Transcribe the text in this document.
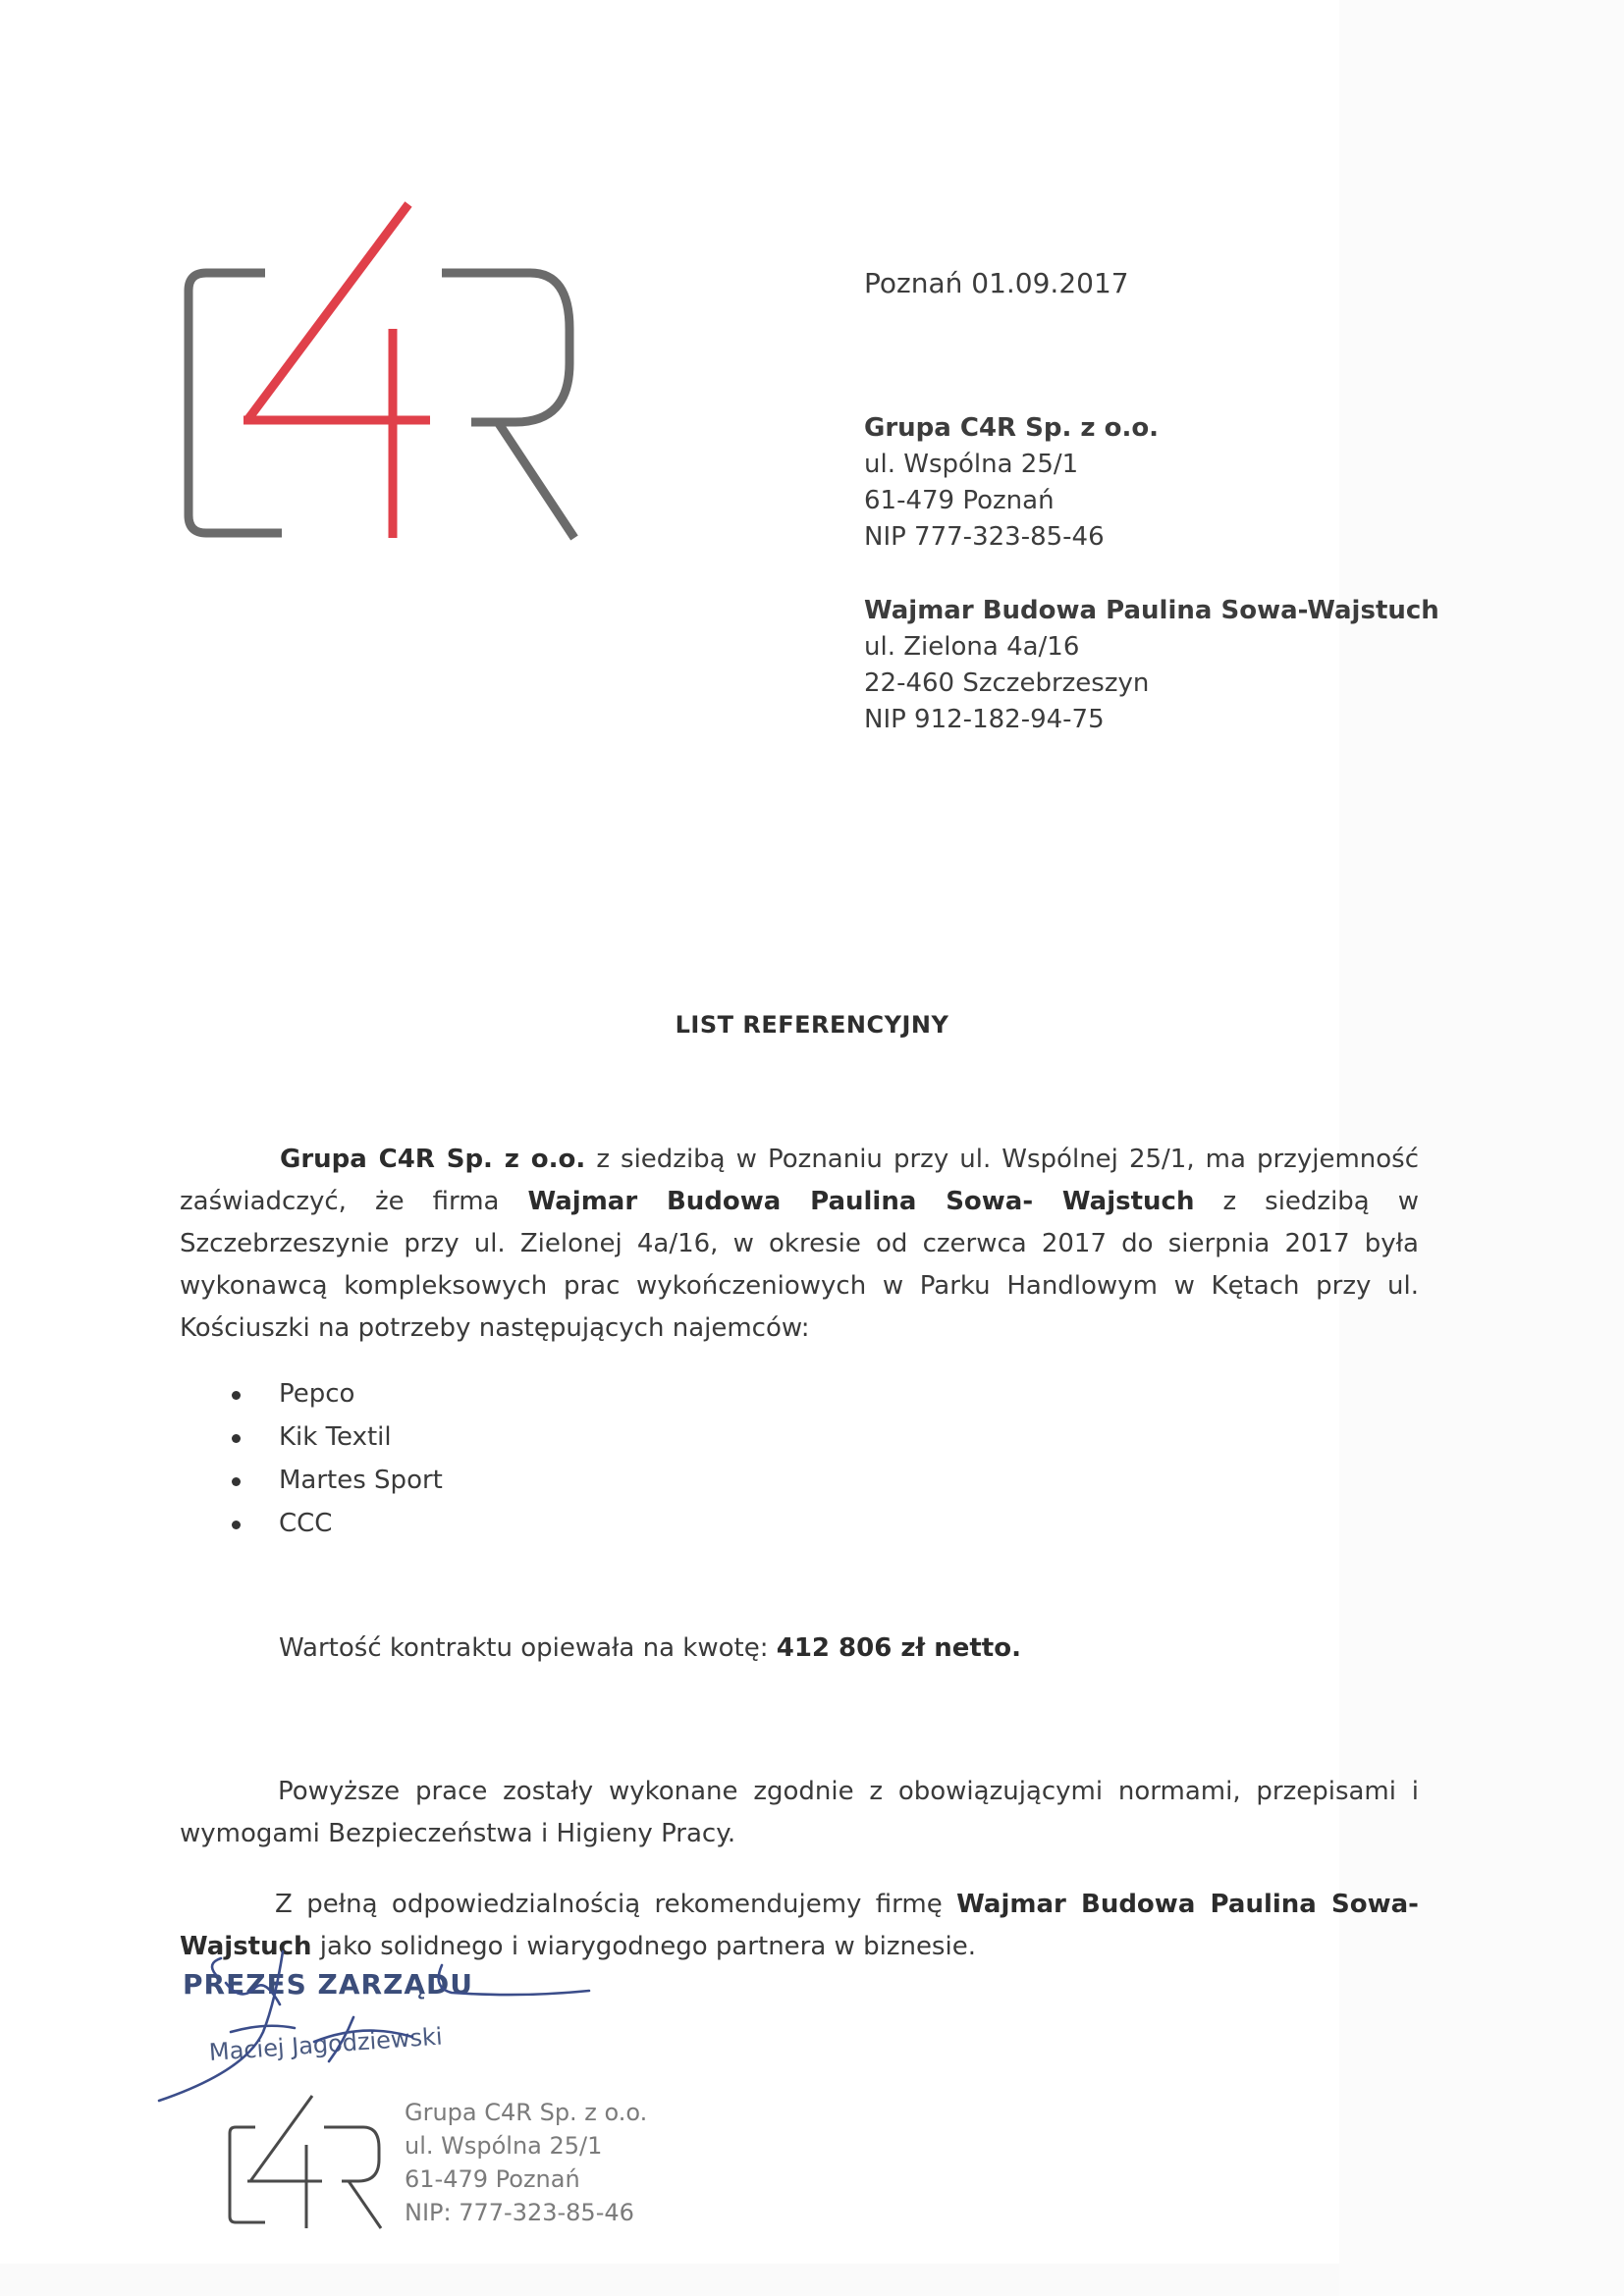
Poznań 01.09.2017
Grupa C4R Sp. z o.o.
ul. Wspólna 25/1
61-479 Poznań
NIP 777-323-85-46
Wajmar Budowa Paulina Sowa-Wajstuch
ul. Zielona 4a/16
22-460 Szczebrzeszyn
NIP 912-182-94-75
LIST REFERENCYJNY
Grupa C4R Sp. z o.o. z siedzibą w Poznaniu przy ul. Wspólnej 25/1, ma przyjemność zaświadczyć, że firma Wajmar Budowa Paulina Sowa- Wajstuch z siedzibą w Szczebrzeszynie przy ul. Zielonej 4a/16, w okresie od czerwca 2017 do sierpnia 2017 była wykonawcą kompleksowych prac wykończeniowych w Parku Handlowym w Kętach przy ul. Kościuszki na potrzeby następujących najemców:
Pepco
Kik Textil
Martes Sport
CCC
Wartość kontraktu opiewała na kwotę: 412 806 zł netto.
Powyższe prace zostały wykonane zgodnie z obowiązującymi normami, przepisami i wymogami Bezpieczeństwa i Higieny Pracy.
Z pełną odpowiedzialnością rekomendujemy firmę Wajmar Budowa Paulina Sowa- Wajstuch jako solidnego i wiarygodnego partnera w biznesie.
PREZES ZARZĄDU
Maciej Jagodziewski
Grupa C4R Sp. z o.o.
ul. Wspólna 25/1
61-479 Poznań
NIP: 777-323-85-46
